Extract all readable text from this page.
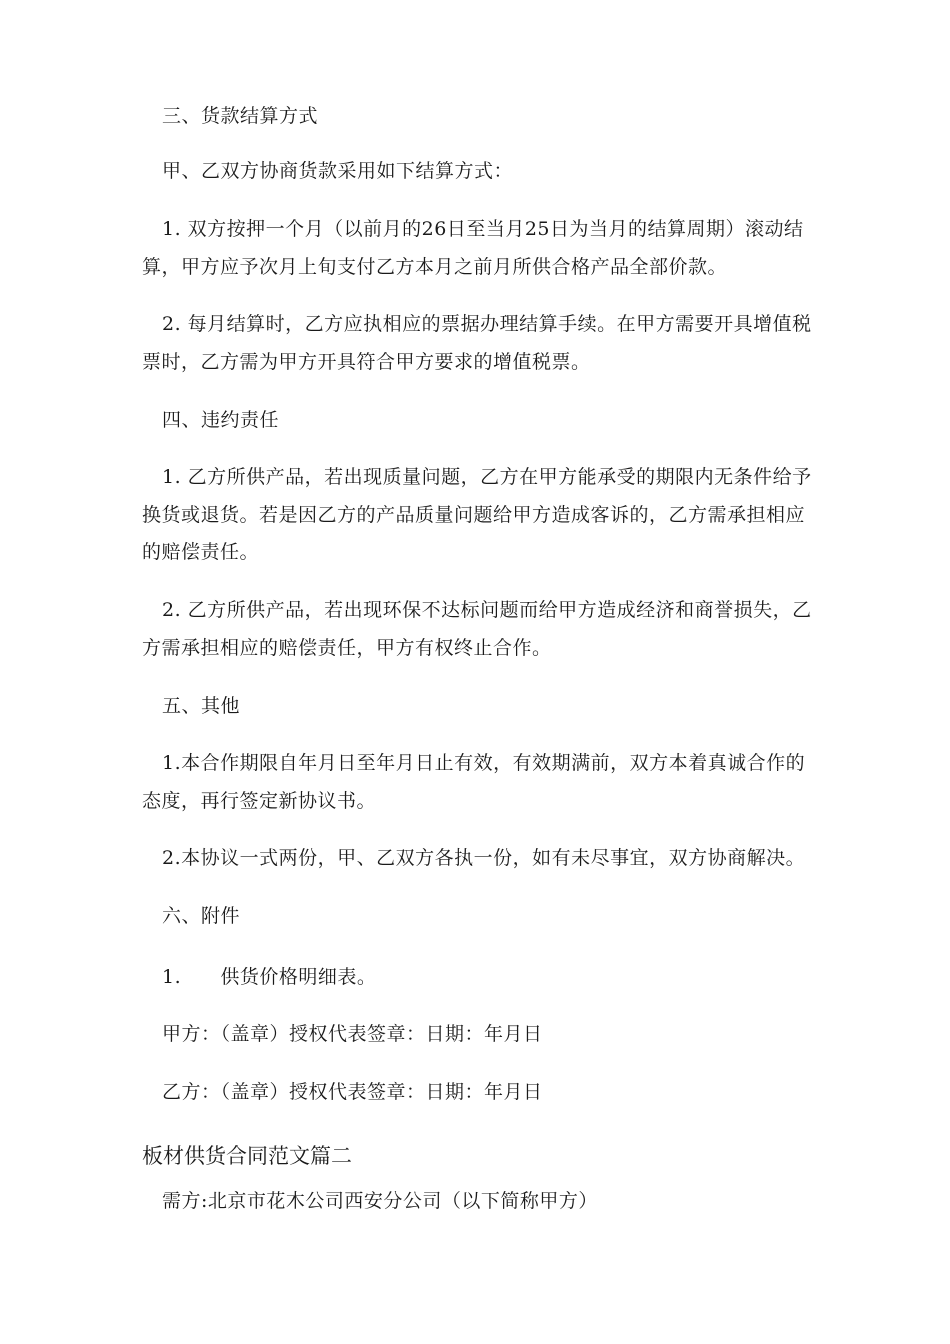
三、货款结算方式
甲、乙双方协商货款采用如下结算方式：
1. 双方按押一个月（以前月的26日至当月25日为当月的结算周期）滚动结
算，甲方应予次月上旬支付乙方本月之前月所供合格产品全部价款。
2. 每月结算时，乙方应执相应的票据办理结算手续。在甲方需要开具增值税
票时，乙方需为甲方开具符合甲方要求的增值税票。
四、违约责任
1. 乙方所供产品，若出现质量问题，乙方在甲方能承受的期限内无条件给予
换货或退货。若是因乙方的产品质量问题给甲方造成客诉的，乙方需承担相应
的赔偿责任。
2. 乙方所供产品，若出现环保不达标问题而给甲方造成经济和商誉损失，乙
方需承担相应的赔偿责任，甲方有权终止合作。
五、其他
1.本合作期限自年月日至年月日止有效，有效期满前，双方本着真诚合作的
态度，再行签定新协议书。
2.本协议一式两份，甲、乙双方各执一份，如有未尽事宜，双方协商解决。
六、附件
1.      供货价格明细表。
甲方：（盖章）授权代表签章：日期：年月日
乙方：（盖章）授权代表签章：日期：年月日
板材供货合同范文篇二
需方:北京市花木公司西安分公司（以下简称甲方）
